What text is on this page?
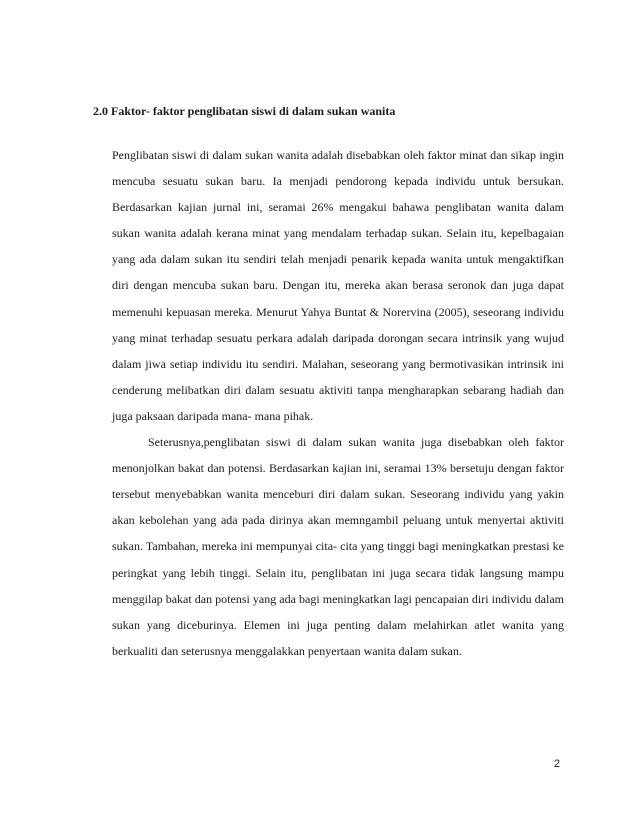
2.0 Faktor- faktor penglibatan siswi di dalam sukan wanita

Penglibatan siswi di dalam sukan wanita adalah disebabkan oleh faktor minat dan sikap ingin mencuba sesuatu sukan baru. Ia menjadi pendorong kepada individu untuk bersukan. Berdasarkan kajian jurnal ini, seramai 26% mengakui bahawa penglibatan wanita dalam sukan wanita adalah kerana minat yang mendalam terhadap sukan. Selain itu, kepelbagaian yang ada dalam sukan itu sendiri telah menjadi penarik kepada wanita untuk mengaktifkan diri dengan mencuba sukan baru. Dengan itu, mereka akan berasa seronok dan juga dapat memenuhi kepuasan mereka. Menurut Yahya Buntat & Norervina (2005), seseorang individu yang minat terhadap sesuatu perkara adalah daripada dorongan secara intrinsik yang wujud dalam jiwa setiap individu itu sendiri. Malahan, seseorang yang bermotivasikan intrinsik ini cenderung melibatkan diri dalam sesuatu aktiviti tanpa mengharapkan sebarang hadiah dan juga paksaan daripada mana- mana pihak.

Seterusnya,penglibatan siswi di dalam sukan wanita juga disebabkan oleh faktor menonjolkan bakat dan potensi. Berdasarkan kajian ini, seramai 13% bersetuju dengan faktor tersebut menyebabkan wanita menceburi diri dalam sukan. Seseorang individu yang yakin akan kebolehan yang ada pada dirinya akan memngambil peluang untuk menyertai aktiviti sukan. Tambahan, mereka ini mempunyai cita- cita yang tinggi bagi meningkatkan prestasi ke peringkat yang lebih tinggi. Selain itu, penglibatan ini juga secara tidak langsung mampu menggilap bakat dan potensi yang ada bagi meningkatkan lagi pencapaian diri individu dalam sukan yang diceburinya. Elemen ini juga penting dalam melahirkan atlet wanita yang berkualiti dan seterusnya menggalakkan penyertaan wanita dalam sukan.

2
